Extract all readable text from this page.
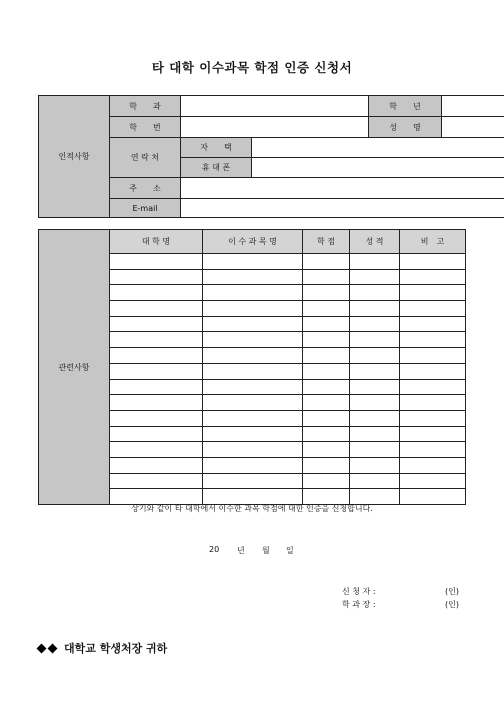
타 대학 이수과목 학점 인증 신청서
인적사항	학　　과			학　　년	
	학　　번			성　　명	
	연 락 처	자　　택			
		휴 대 폰			
	주　　소				
	E-mail				
관련사항	대 학 명	이 수 과 목 명	학 점	성 적	비　고

상기와 같이 타 대학에서 이수한 과목 학점에 대한 인증을 신청합니다.
20 년 월 일
신 청 자 :	(인)
학 과 장 :	(인)
대학교 학생처장 귀하
